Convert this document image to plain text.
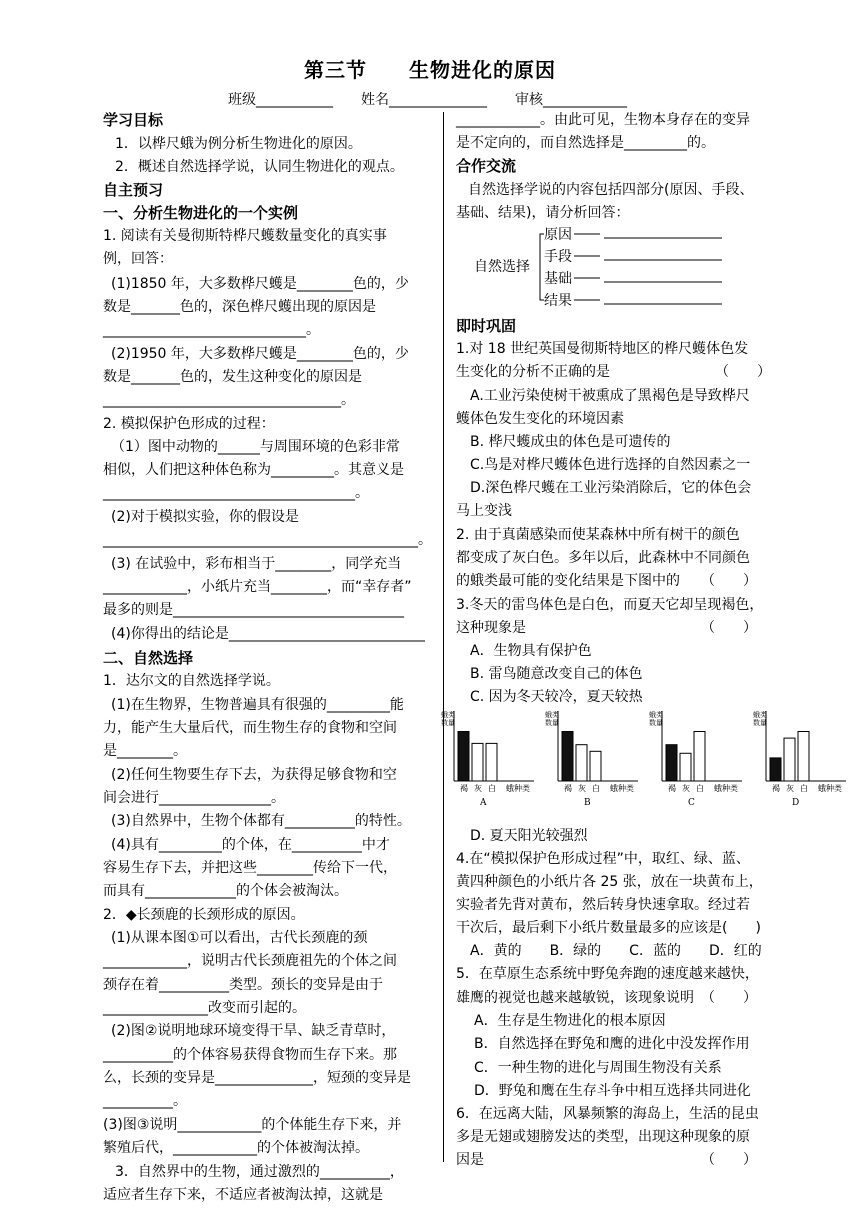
第三节　　生物进化的原因
班级___________　　姓名______________　　审核____________
学习目标
1．以桦尺蛾为例分析生物进化的原因。
2．概述自然选择学说，认同生物进化的观点。
自主预习
一、分析生物进化的一个实例
1. 阅读有关曼彻斯特桦尺蠖数量变化的真实事
例，回答：
(1)1850 年，大多数桦尺蠖是________色的，少
数是_______色的，深色桦尺蠖出现的原因是
_____________________________。
(2)1950 年，大多数桦尺蠖是________色的，少
数是_______色的，发生这种变化的原因是
__________________________________。
2. 模拟保护色形成的过程：
（1）图中动物的______与周围环境的色彩非常
相似，人们把这种体色称为_________。其意义是
____________________________________。
(2)对于模拟实验，你的假设是
_____________________________________________。
(3) 在试验中，彩布相当于________，同学充当
____________，小纸片充当________，而“幸存者”
最多的则是_________________________________
(4)你得出的结论是____________________________
二、自然选择
1．达尔文的自然选择学说。
(1)在生物界，生物普遍具有很强的_________能
力，能产生大量后代，而生物生存的食物和空间
是________。
(2)任何生物要生存下去，为获得足够食物和空
间会进行________________。
(3)自然界中，生物个体都有__________的特性。
(4)具有_________的个体，在__________中才
容易生存下去，并把这些________传给下一代，
而具有_____________的个体会被淘汰。
2．◆长颈鹿的长颈形成的原因。
(1)从课本图①可以看出，古代长颈鹿的颈
____________，说明古代长颈鹿祖先的个体之间
颈存在着__________类型。颈长的变异是由于
_______________改变而引起的。
(2)图②说明地球环境变得干旱、缺乏青草时，
__________的个体容易获得食物而生存下来。那
么，长颈的变异是______________，短颈的变异是
__________。
(3)图③说明____________的个体能生存下来，并
繁殖后代，____________的个体被淘汰掉。
3．自然界中的生物，通过激烈的__________，
适应者生存下来，不适应者被淘汰掉，这就是
____________。由此可见，生物本身存在的变异
是不定向的，而自然选择是_________的。
合作交流
自然选择学说的内容包括四部分(原因、手段、
基础、结果)，请分析回答：
即时巩固
1.对 18 世纪英国曼彻斯特地区的桦尺蠖体色发
生变化的分析不正确的是　　　　　　　　（　　）
A.工业污染使树干被熏成了黑褐色是导致桦尺
蠖体色发生变化的环境因素
B. 桦尺蠖成虫的体色是可遗传的
C.鸟是对桦尺蠖体色进行选择的自然因素之一
D.深色桦尺蠖在工业污染消除后，它的体色会
马上变浅
2. 由于真菌感染而使某森林中所有树干的颜色
都变成了灰白色。多年以后，此森林中不同颜色
的蛾类最可能的变化结果是下图中的　　（　　）
3.冬天的雷鸟体色是白色，而夏天它却呈现褐色，
这种现象是　　　　　　　　　　　　　（　　）
A．生物具有保护色
B. 雷鸟随意改变自己的体色
C. 因为冬天较冷，夏天较热
D. 夏天阳光较强烈
4.在“模拟保护色形成过程”中，取红、绿、蓝、
黄四种颜色的小纸片各 25 张，放在一块黄布上，
实验者先背对黄布，然后转身快速拿取。经过若
干次后，最后剩下小纸片数量最多的应该是(　　)
A．黄的　　B．绿的　　C．蓝的　　D．红的
5．在草原生态系统中野兔奔跑的速度越来越快，
雄鹰的视觉也越来越敏锐，该现象说明　（　　）
A．生存是生物进化的根本原因
B．自然选择在野兔和鹰的进化中没发挥作用
C．一种生物的进化与周围生物没有关系
D．野兔和鹰在生存斗争中相互选择共同进化
6．在远离大陆，风暴频繁的海岛上，生活的昆虫
多是无翅或翅膀发达的类型，出现这种现象的原
因是　　　　　　　　　　　　　　　　（　　）
自然选择
原因
手段
基础
结果
蛾类数量
褐 灰 白 蛾种类
A
蛾类数量
褐 灰 白 蛾种类
B
蛾类数量
褐 灰 白 蛾种类
C
蛾类数量
褐 灰 白 蛾种类
D
